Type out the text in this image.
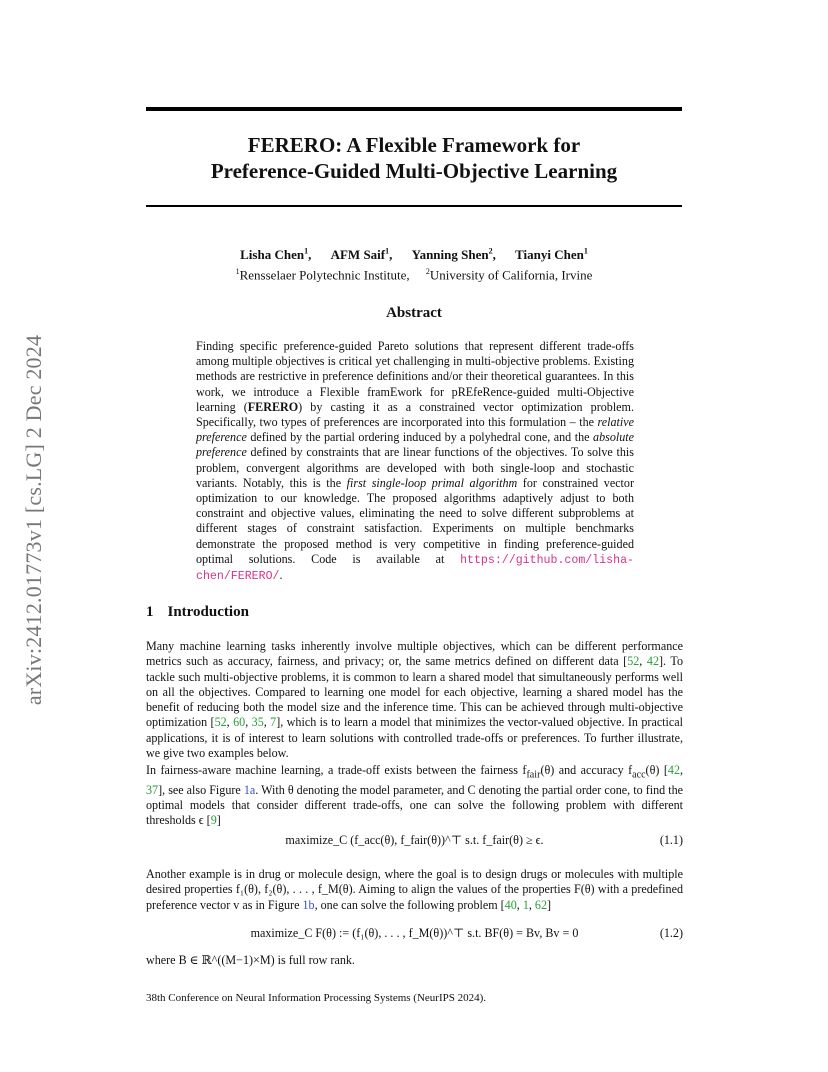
arXiv:2412.01773v1 [cs.LG] 2 Dec 2024
FERERO: A Flexible Framework for
Preference-Guided Multi-Objective Learning
Lisha Chen$^1$, AFM Saif$^1$, Yanning Shen$^2$, Tianyi Chen$^1$
$^1$Rensselaer Polytechnic Institute, $^2$University of California, Irvine
Abstract
Finding specific preference-guided Pareto solutions that represent different trade-offs among multiple objectives is critical yet challenging in multi-objective problems. Existing methods are restrictive in preference definitions and/or their theoretical guarantees. In this work, we introduce a Flexible framEwork for pREfeRence-guided multi-Objective learning (FERERO) by casting it as a constrained vector optimization problem. Specifically, two types of preferences are incorporated into this formulation – the relative preference defined by the partial ordering induced by a polyhedral cone, and the absolute preference defined by constraints that are linear functions of the objectives. To solve this problem, convergent algorithms are developed with both single-loop and stochastic variants. Notably, this is the first single-loop primal algorithm for constrained vector optimization to our knowledge. The proposed algorithms adaptively adjust to both constraint and objective values, eliminating the need to solve different subproblems at different stages of constraint satisfaction. Experiments on multiple benchmarks demonstrate the proposed method is very competitive in finding preference-guided optimal solutions. Code is available at https://github.com/lisha-chen/FERERO/.
1 Introduction
Many machine learning tasks inherently involve multiple objectives, which can be different performance metrics such as accuracy, fairness, and privacy; or, the same metrics defined on different data [52, 42]. To tackle such multi-objective problems, it is common to learn a shared model that simultaneously performs well on all the objectives. Compared to learning one model for each objective, learning a shared model has the benefit of reducing both the model size and the inference time. This can be achieved through multi-objective optimization [52, 60, 35, 7], which is to learn a model that minimizes the vector-valued objective. In practical applications, it is of interest to learn solutions with controlled trade-offs or preferences. To further illustrate, we give two examples below.
In fairness-aware machine learning, a trade-off exists between the fairness $f_{fair}(\theta)$ and accuracy $f_{acc}(\theta)$ [42, 37], see also Figure 1a. With θ denoting the model parameter, and C denoting the partial order cone, to find the optimal models that consider different trade-offs, one can solve the following problem with different thresholds ϵ [9]
maximize_C (f_acc(θ), f_fair(θ))^⊤ s.t. f_fair(θ) ≥ ϵ.	(1.1)
Another example is in drug or molecule design, where the goal is to design drugs or molecules with multiple desired properties f₁(θ), f₂(θ), . . . , f_M(θ). Aiming to align the values of the properties F(θ) with a predefined preference vector v as in Figure 1b, one can solve the following problem [40, 1, 62]
maximize_C F(θ) := (f₁(θ), . . . , f_M(θ))^⊤ s.t. BF(θ) = Bv, Bv = 0	(1.2)
where B ∈ ℝ^((M−1)×M) is full row rank.
38th Conference on Neural Information Processing Systems (NeurIPS 2024).
